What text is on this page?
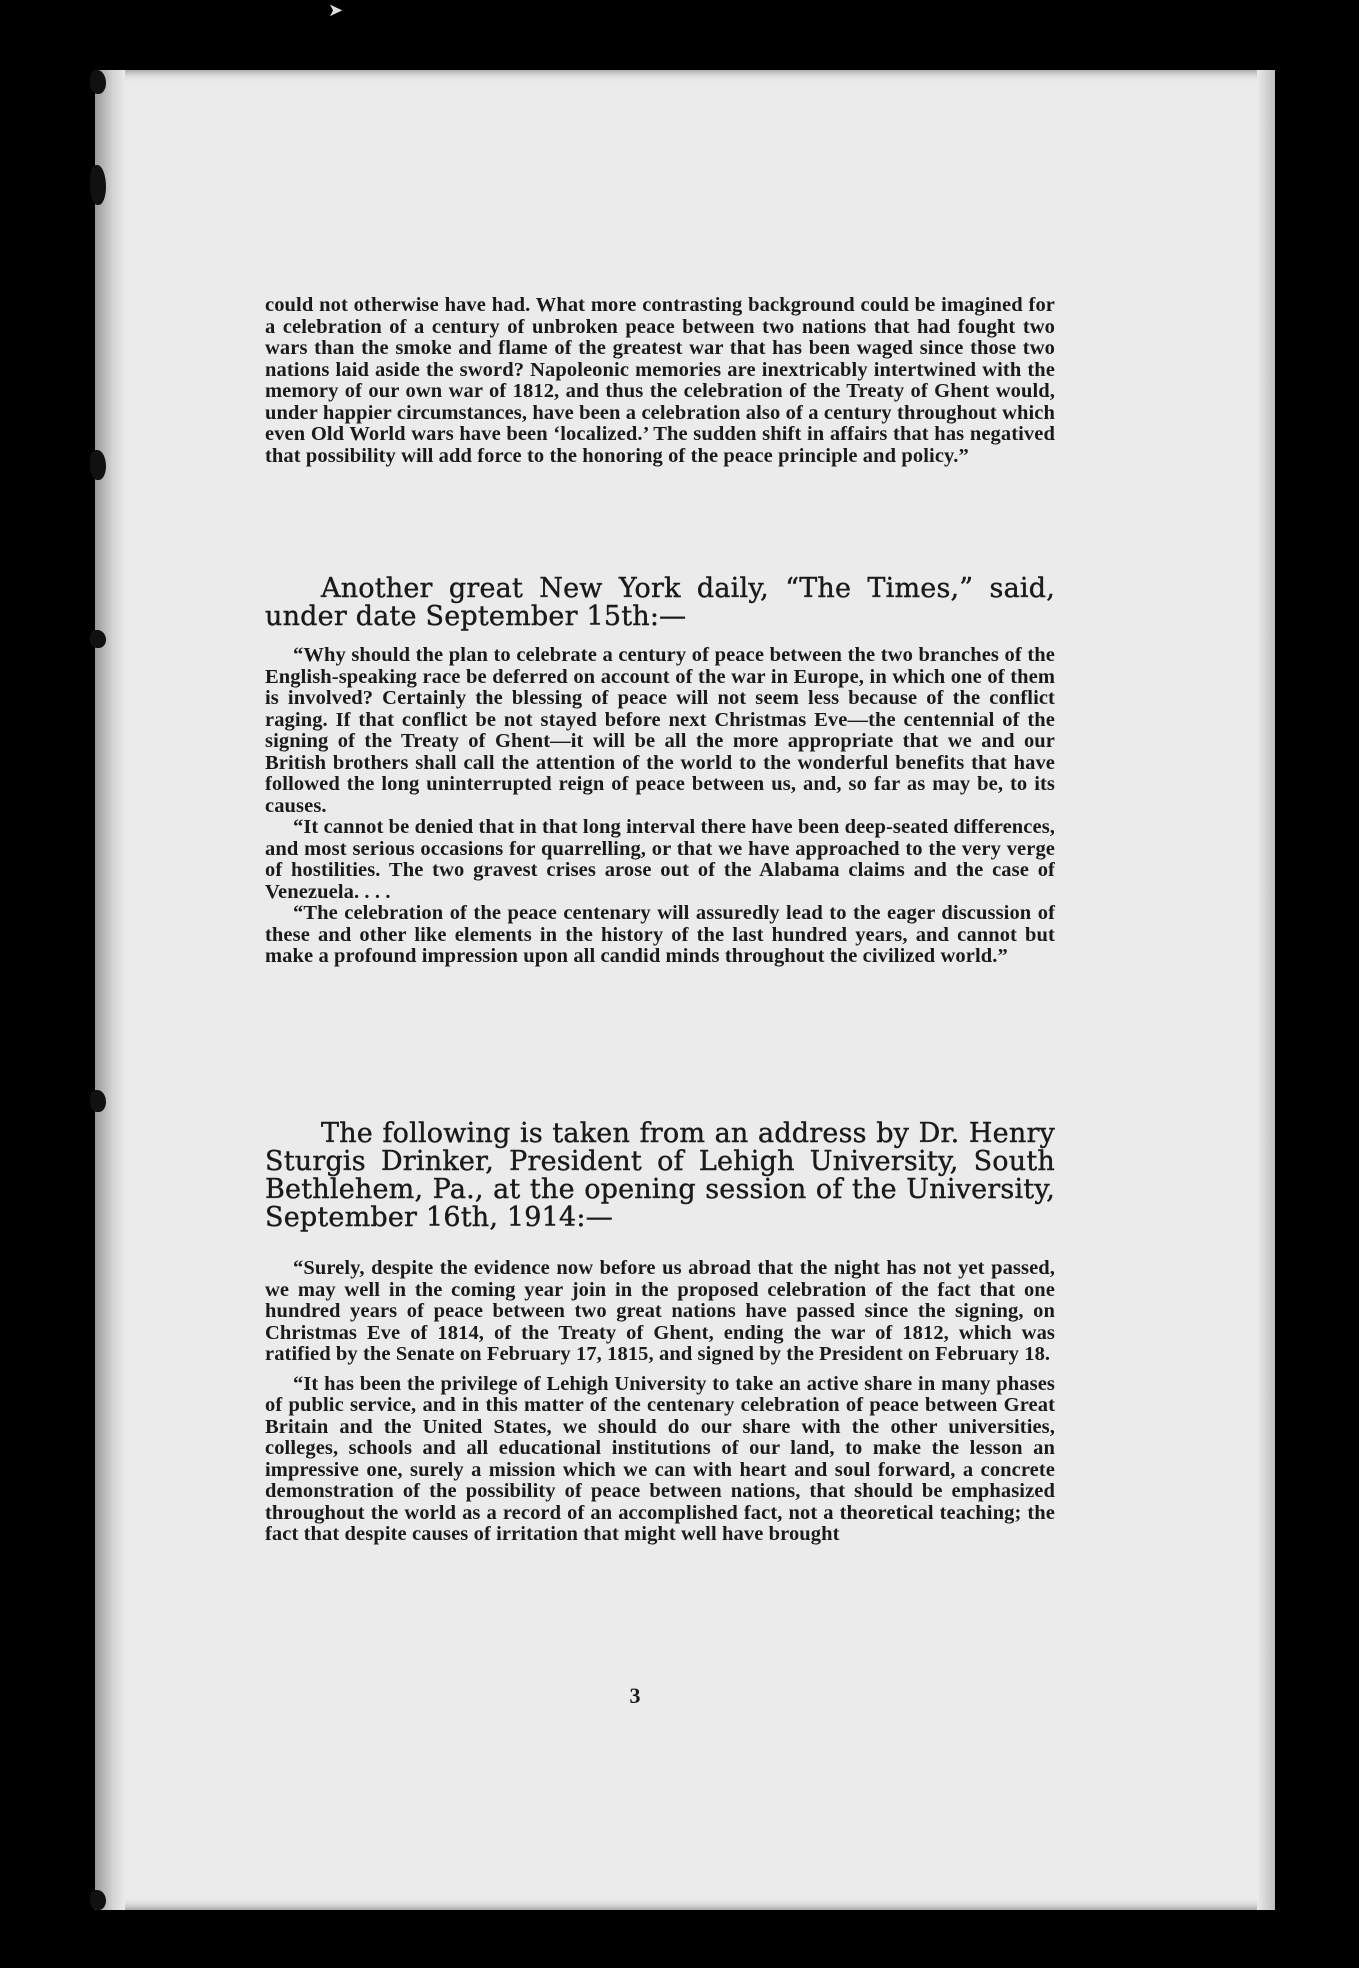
➤

could not otherwise have had. What more contrasting background could be imagined for a celebration of a century of unbroken peace between two nations that had fought two wars than the smoke and flame of the greatest war that has been waged since those two nations laid aside the sword? Napoleonic memories are inextricably intertwined with the memory of our own war of 1812, and thus the celebration of the Treaty of Ghent would, under happier circumstances, have been a celebration also of a century throughout which even Old World wars have been ‘localized.’ The sudden shift in affairs that has negatived that possibility will add force to the honoring of the peace principle and policy.”

Another great New York daily, “The Times,” said, under date September 15th:—

“Why should the plan to celebrate a century of peace between the two branches of the English-speaking race be deferred on account of the war in Europe, in which one of them is involved? Certainly the blessing of peace will not seem less because of the conflict raging. If that conflict be not stayed before next Christmas Eve—the centennial of the signing of the Treaty of Ghent—it will be all the more appropriate that we and our British brothers shall call the attention of the world to the wonderful benefits that have followed the long uninterrupted reign of peace between us, and, so far as may be, to its causes.

“It cannot be denied that in that long interval there have been deep-seated differences, and most serious occasions for quarrelling, or that we have approached to the very verge of hostilities. The two gravest crises arose out of the Alabama claims and the case of Venezuela. . . .

“The celebration of the peace centenary will assuredly lead to the eager discussion of these and other like elements in the history of the last hundred years, and cannot but make a profound impression upon all candid minds throughout the civilized world.”

The following is taken from an address by Dr. Henry Sturgis Drinker, President of Lehigh University, South Bethlehem, Pa., at the opening session of the University, September 16th, 1914:—

“Surely, despite the evidence now before us abroad that the night has not yet passed, we may well in the coming year join in the proposed celebration of the fact that one hundred years of peace between two great nations have passed since the signing, on Christmas Eve of 1814, of the Treaty of Ghent, ending the war of 1812, which was ratified by the Senate on February 17, 1815, and signed by the President on February 18.

“It has been the privilege of Lehigh University to take an active share in many phases of public service, and in this matter of the centenary celebration of peace between Great Britain and the United States, we should do our share with the other universities, colleges, schools and all educational institutions of our land, to make the lesson an impressive one, surely a mission which we can with heart and soul forward, a concrete demonstration of the possibility of peace between nations, that should be emphasized throughout the world as a record of an accomplished fact, not a theoretical teaching; the fact that despite causes of irritation that might well have brought

3
